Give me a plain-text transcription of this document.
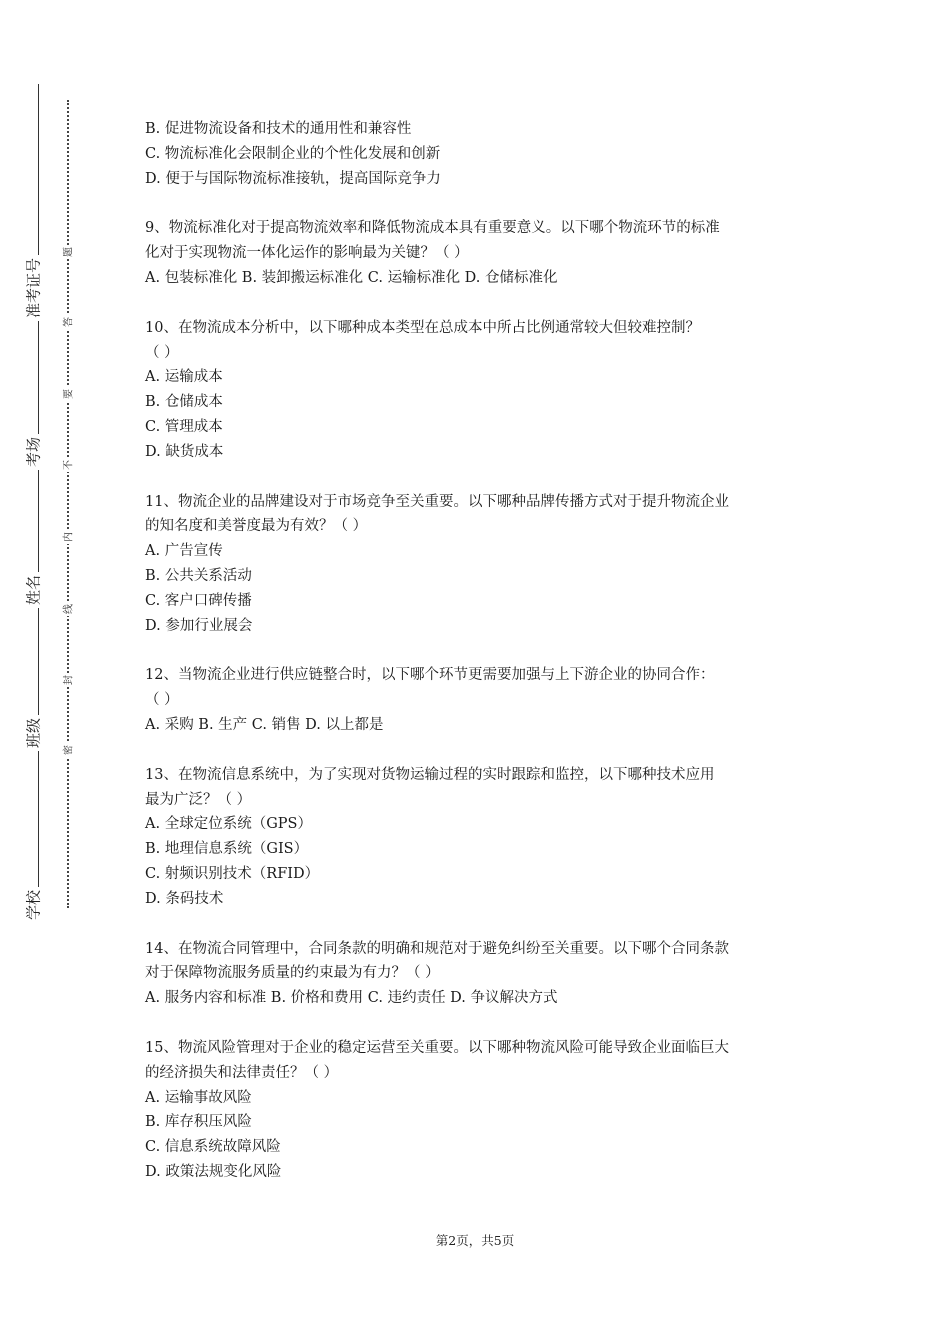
准考证号
考场
姓名
班级
学校
题
答
要
不
内
线
封
密
B. 促进物流设备和技术的通用性和兼容性
C. 物流标准化会限制企业的个性化发展和创新
D. 便于与国际物流标准接轨，提高国际竞争力
9、物流标准化对于提高物流效率和降低物流成本具有重要意义。以下哪个物流环节的标准
化对于实现物流一体化运作的影响最为关键？（ ）
A. 包装标准化 B. 装卸搬运标准化 C. 运输标准化 D. 仓储标准化
10、在物流成本分析中，以下哪种成本类型在总成本中所占比例通常较大但较难控制？
（ ）
A. 运输成本
B. 仓储成本
C. 管理成本
D. 缺货成本
11、物流企业的品牌建设对于市场竞争至关重要。以下哪种品牌传播方式对于提升物流企业
的知名度和美誉度最为有效？（ ）
A. 广告宣传
B. 公共关系活动
C. 客户口碑传播
D. 参加行业展会
12、当物流企业进行供应链整合时，以下哪个环节更需要加强与上下游企业的协同合作：
（ ）
A. 采购 B. 生产 C. 销售 D. 以上都是
13、在物流信息系统中，为了实现对货物运输过程的实时跟踪和监控，以下哪种技术应用
最为广泛？（ ）
A. 全球定位系统（GPS）
B. 地理信息系统（GIS）
C. 射频识别技术（RFID）
D. 条码技术
14、在物流合同管理中，合同条款的明确和规范对于避免纠纷至关重要。以下哪个合同条款
对于保障物流服务质量的约束最为有力？（ ）
A. 服务内容和标准 B. 价格和费用 C. 违约责任 D. 争议解决方式
15、物流风险管理对于企业的稳定运营至关重要。以下哪种物流风险可能导致企业面临巨大
的经济损失和法律责任？（ ）
A. 运输事故风险
B. 库存积压风险
C. 信息系统故障风险
D. 政策法规变化风险
第2页，共5页
